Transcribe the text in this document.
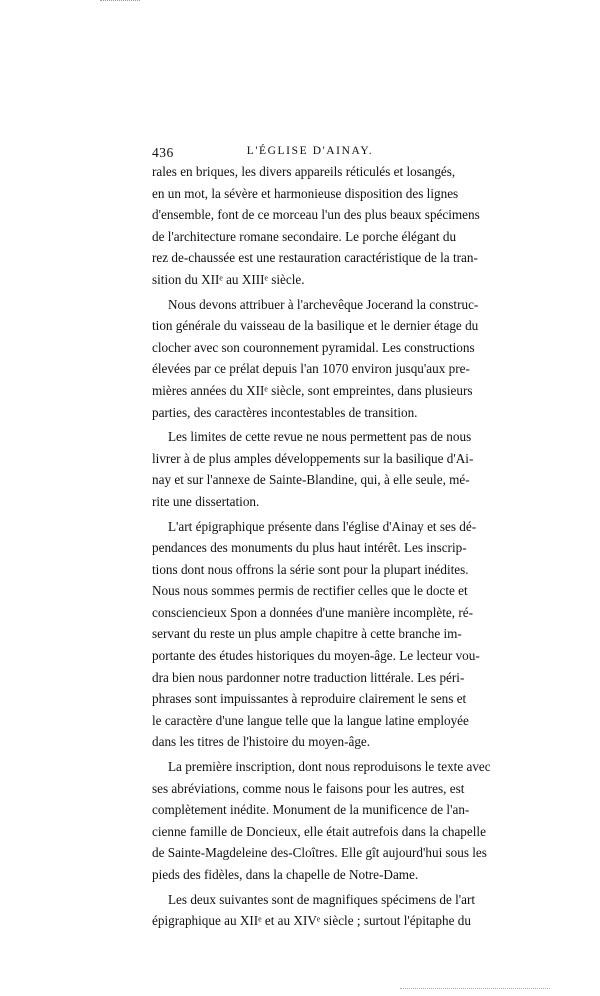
436	L'ÉGLISE D'AINAY.

rales en briques, les divers appareils réticulés et losangés,
en un mot, la sévère et harmonieuse disposition des lignes
d'ensemble, font de ce morceau l'un des plus beaux spécimens
de l'architecture romane secondaire. Le porche élégant du
rez de-chaussée est une restauration caractéristique de la tran-
sition du XIIᵉ au XIIIᵉ siècle.

Nous devons attribuer à l'archevêque Jocerand la construc-
tion générale du vaisseau de la basilique et le dernier étage du
clocher avec son couronnement pyramidal. Les constructions
élevées par ce prélat depuis l'an 1070 environ jusqu'aux pre-
mières années du XIIᵉ siècle, sont empreintes, dans plusieurs
parties, des caractères incontestables de transition.

Les limites de cette revue ne nous permettent pas de nous
livrer à de plus amples développements sur la basilique d'Ai-
nay et sur l'annexe de Sainte-Blandine, qui, à elle seule, mé-
rite une dissertation.

L'art épigraphique présente dans l'église d'Ainay et ses dé-
pendances des monuments du plus haut intérêt. Les inscrip-
tions dont nous offrons la série sont pour la plupart inédites.
Nous nous sommes permis de rectifier celles que le docte et
consciencieux Spon a données d'une manière incomplète, ré-
servant du reste un plus ample chapitre à cette branche im-
portante des études historiques du moyen-âge. Le lecteur vou-
dra bien nous pardonner notre traduction littérale. Les péri-
phrases sont impuissantes à reproduire clairement le sens et
le caractère d'une langue telle que la langue latine employée
dans les titres de l'histoire du moyen-âge.

La première inscription, dont nous reproduisons le texte avec
ses abréviations, comme nous le faisons pour les autres, est
complètement inédite. Monument de la munificence de l'an-
cienne famille de Doncieux, elle était autrefois dans la chapelle
de Sainte-Magdeleine des-Cloîtres. Elle gît aujourd'hui sous les
pieds des fidèles, dans la chapelle de Notre-Dame.

Les deux suivantes sont de magnifiques spécimens de l'art
épigraphique au XIIᵉ et au XIVᵉ siècle ; surtout l'épitaphe du
